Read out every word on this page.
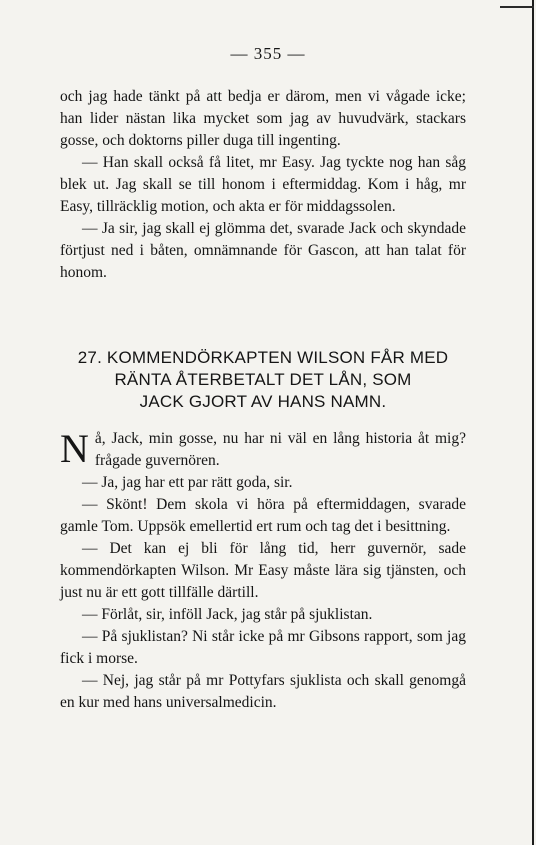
— 355 —

och jag hade tänkt på att bedja er därom, men vi vågade icke; han lider nästan lika mycket som jag av huvudvärk, stackars gosse, och doktorns piller duga till ingenting.

— Han skall också få litet, mr Easy. Jag tyckte nog han såg blek ut. Jag skall se till honom i eftermiddag. Kom i håg, mr Easy, tillräcklig motion, och akta er för middagssolen.

— Ja sir, jag skall ej glömma det, svarade Jack och skyndade förtjust ned i båten, omnämnande för Gascon, att han talat för honom.

27. KOMMENDÖRKAPTEN WILSON FÅR MED
RÄNTA ÅTERBETALT DET LÅN, SOM
JACK GJORT AV HANS NAMN.

Nå, Jack, min gosse, nu har ni väl en lång historia åt mig? frågade guvernören.

— Ja, jag har ett par rätt goda, sir.

— Skönt! Dem skola vi höra på eftermiddagen, svarade gamle Tom. Uppsök emellertid ert rum och tag det i besittning.

— Det kan ej bli för lång tid, herr guvernör, sade kommendörkapten Wilson. Mr Easy måste lära sig tjänsten, och just nu är ett gott tillfälle därtill.

— Förlåt, sir, inföll Jack, jag står på sjuklistan.

— På sjuklistan? Ni står icke på mr Gibsons rapport, som jag fick i morse.

— Nej, jag står på mr Pottyfars sjuklista och skall genomgå en kur med hans universalmedicin.
